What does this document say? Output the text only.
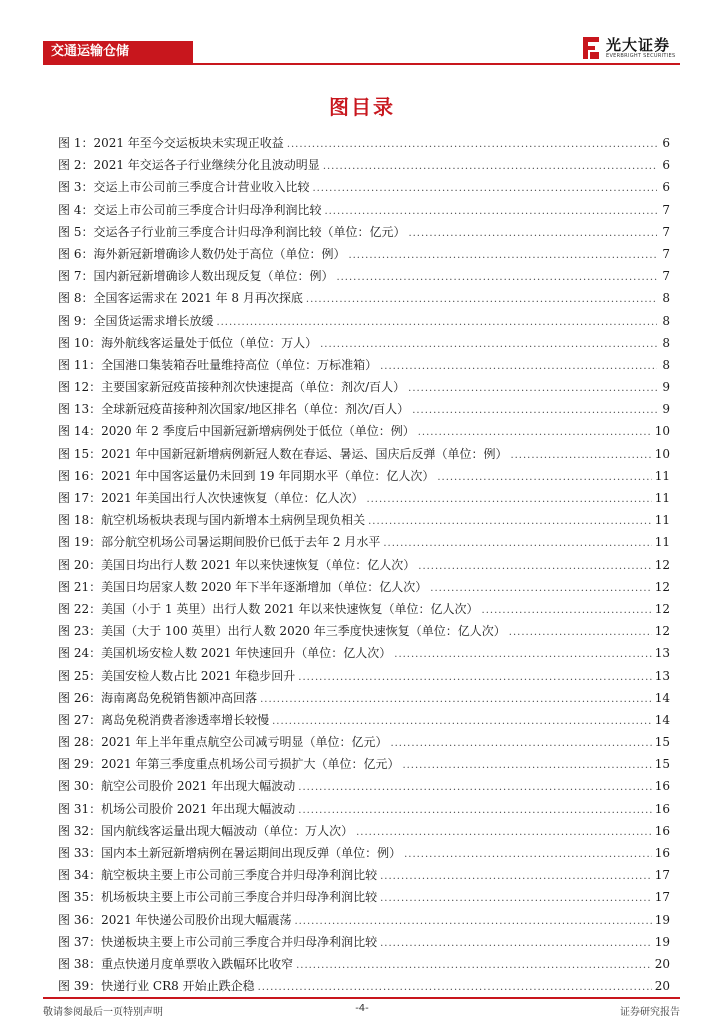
交通运输仓储	光大证券
EVERBRIGHT SECURITIES
图目录
图 1：2021 年至今交运板块未实现正收益 .....	6
图 2：2021 年交运各子行业继续分化且波动明显 .....	6
图 3：交运上市公司前三季度合计营业收入比较 .....	6
图 4：交运上市公司前三季度合计归母净利润比较 .....	7
图 5：交运各子行业前三季度合计归母净利润比较（单位：亿元） .....	7
图 6：海外新冠新增确诊人数仍处于高位（单位：例） .....	7
图 7：国内新冠新增确诊人数出现反复（单位：例） .....	7
图 8：全国客运需求在 2021 年 8 月再次探底 .....	8
图 9：全国货运需求增长放缓 .....	8
图 10：海外航线客运量处于低位（单位：万人） .....	8
图 11：全国港口集装箱吞吐量维持高位（单位：万标准箱） .....	8
图 12：主要国家新冠疫苗接种剂次快速提高（单位：剂次/百人） .....	9
图 13：全球新冠疫苗接种剂次国家/地区排名（单位：剂次/百人） .....	9
图 14：2020 年 2 季度后中国新冠新增病例处于低位（单位：例） .....	10
图 15：2021 年中国新冠新增病例新冠人数在春运、暑运、国庆后反弹（单位：例） .....	10
图 16：2021 年中国客运量仍未回到 19 年同期水平（单位：亿人次） .....	11
图 17：2021 年美国出行人次快速恢复（单位：亿人次） .....	11
图 18：航空机场板块表现与国内新增本土病例呈现负相关 .....	11
图 19：部分航空机场公司暑运期间股价已低于去年 2 月水平 .....	11
图 20：美国日均出行人数 2021 年以来快速恢复（单位：亿人次） .....	12
图 21：美国日均居家人数 2020 年下半年逐渐增加（单位：亿人次） .....	12
图 22：美国（小于 1 英里）出行人数 2021 年以来快速恢复（单位：亿人次） .....	12
图 23：美国（大于 100 英里）出行人数 2020 年三季度快速恢复（单位：亿人次） .....	12
图 24：美国机场安检人数 2021 年快速回升（单位：亿人次） .....	13
图 25：美国安检人数占比 2021 年稳步回升 .....	13
图 26：海南离岛免税销售额冲高回落 .....	14
图 27：离岛免税消费者渗透率增长较慢 .....	14
图 28：2021 年上半年重点航空公司减亏明显（单位：亿元） .....	15
图 29：2021 年第三季度重点机场公司亏损扩大（单位：亿元） .....	15
图 30：航空公司股价 2021 年出现大幅波动 .....	16
图 31：机场公司股价 2021 年出现大幅波动 .....	16
图 32：国内航线客运量出现大幅波动（单位：万人次） .....	16
图 33：国内本土新冠新增病例在暑运期间出现反弹（单位：例） .....	16
图 34：航空板块主要上市公司前三季度合并归母净利润比较 .....	17
图 35：机场板块主要上市公司前三季度合并归母净利润比较 .....	17
图 36：2021 年快递公司股价出现大幅震荡 .....	19
图 37：快递板块主要上市公司前三季度合并归母净利润比较 .....	19
图 38：重点快递月度单票收入跌幅环比收窄 .....	20
图 39：快递行业 CR8 开始止跌企稳 .....	20
敬请参阅最后一页特别声明	-4-	证券研究报告
